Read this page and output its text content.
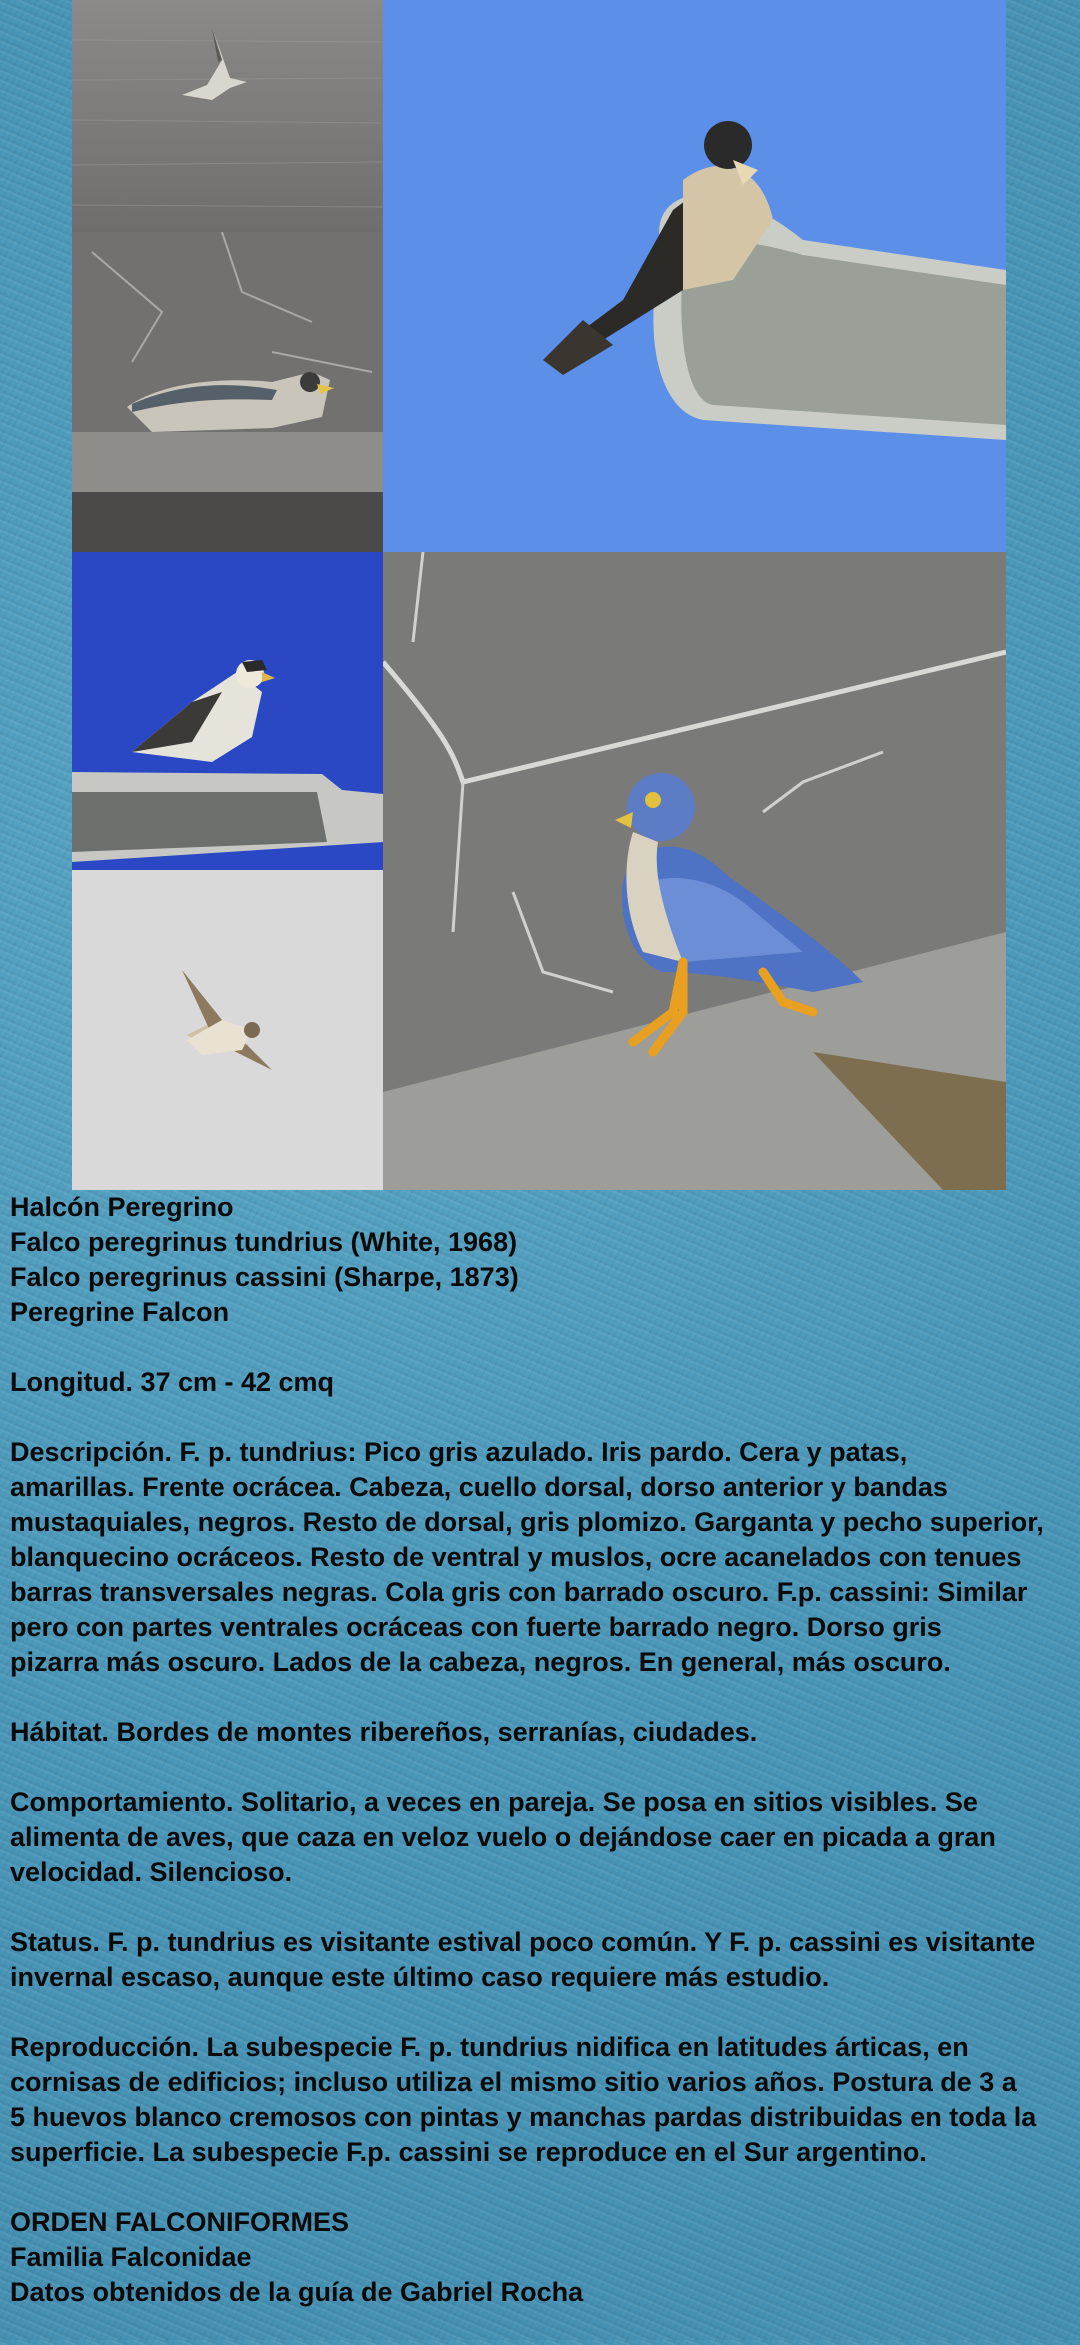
Halcón Peregrino
Falco peregrinus tundrius (White, 1968)
Falco peregrinus cassini (Sharpe, 1873)
Peregrine Falcon

Longitud. 37 cm - 42 cmq

Descripción. F. p. tundrius: Pico gris azulado. Iris pardo. Cera y patas,
amarillas. Frente ocrácea. Cabeza, cuello dorsal, dorso anterior y bandas
mustaquiales, negros. Resto de dorsal, gris plomizo. Garganta y pecho superior,
blanquecino ocráceos. Resto de ventral y muslos, ocre acanelados con tenues
barras transversales negras. Cola gris con barrado oscuro. F.p. cassini: Similar
pero con partes ventrales ocráceas con fuerte barrado negro. Dorso gris
pizarra más oscuro. Lados de la cabeza, negros. En general, más oscuro.

Hábitat. Bordes de montes ribereños, serranías, ciudades.

Comportamiento. Solitario, a veces en pareja. Se posa en sitios visibles. Se
alimenta de aves, que caza en veloz vuelo o dejándose caer en picada a gran
velocidad. Silencioso.

Status. F. p. tundrius es visitante estival poco común. Y F. p. cassini es visitante
invernal escaso, aunque este último caso requiere más estudio.

Reproducción. La subespecie F. p. tundrius nidifica en latitudes árticas, en
cornisas de edificios; incluso utiliza el mismo sitio varios años. Postura de 3 a
5 huevos blanco cremosos con pintas y manchas pardas distribuidas en toda la
superficie. La subespecie F.p. cassini se reproduce en el Sur argentino.

ORDEN FALCONIFORMES
Familia Falconidae
Datos obtenidos de la guía de Gabriel Rocha
